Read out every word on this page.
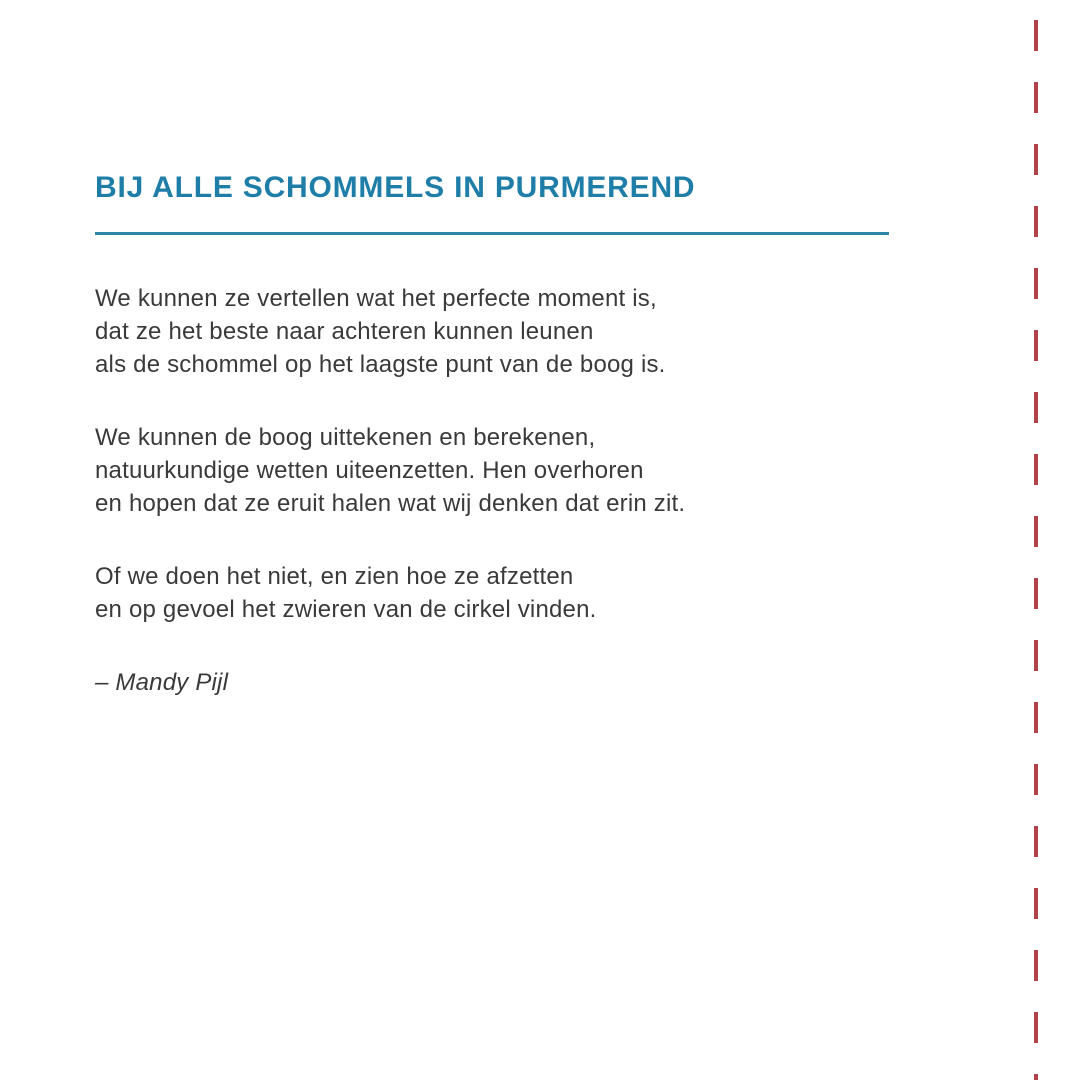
BIJ ALLE SCHOMMELS IN PURMEREND
We kunnen ze vertellen wat het perfecte moment is,
dat ze het beste naar achteren kunnen leunen
als de schommel op het laagste punt van de boog is.
We kunnen de boog uittekenen en berekenen,
natuurkundige wetten uiteenzetten. Hen overhoren
en hopen dat ze eruit halen wat wij denken dat erin zit.
Of we doen het niet, en zien hoe ze afzetten
en op gevoel het zwieren van de cirkel vinden.
– Mandy Pijl
